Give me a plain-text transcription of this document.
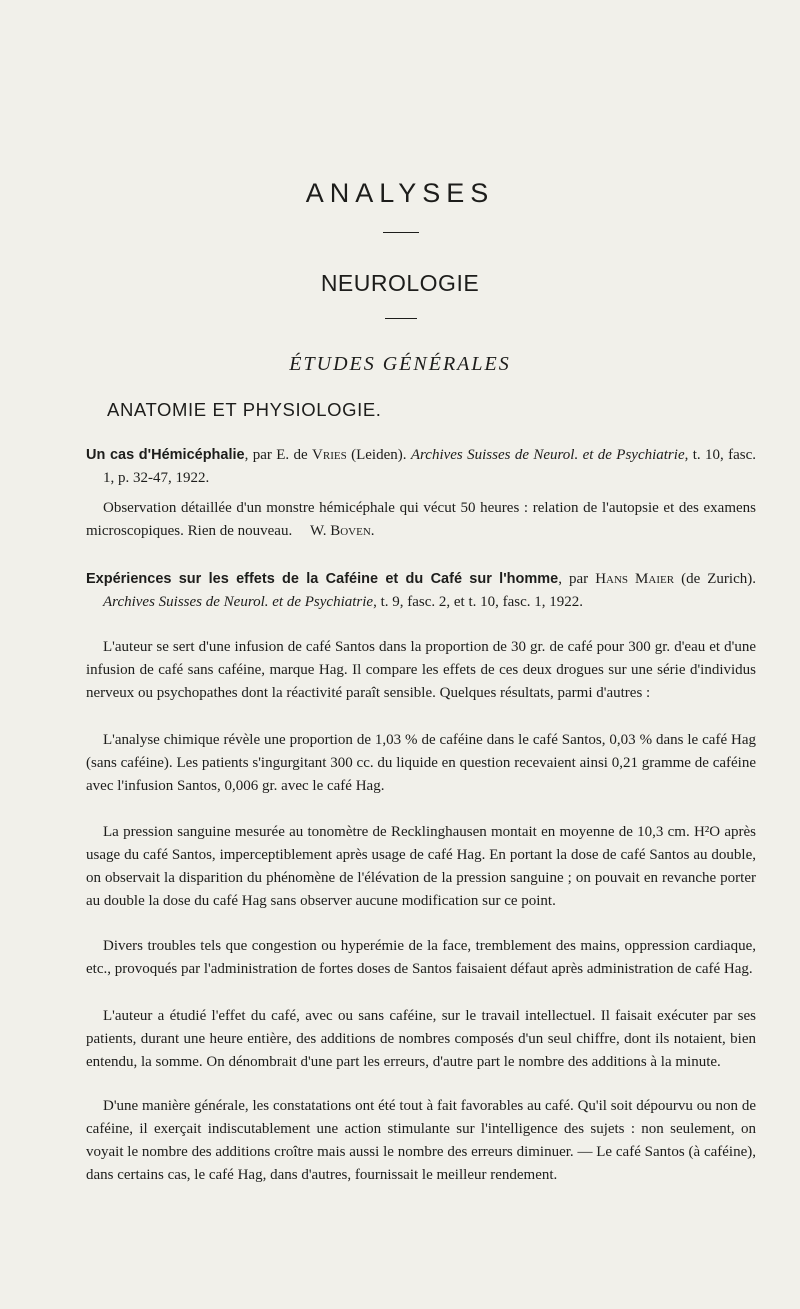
ANALYSES
NEUROLOGIE
ÉTUDES GÉNÉRALES
ANATOMIE ET PHYSIOLOGIE.

Un cas d'Hémicéphalie, par E. de Vries (Leiden). Archives Suisses de Neurol. et de Psychiatrie, t. 10, fasc. 1, p. 32-47, 1922.

Observation détaillée d'un monstre hémicéphale qui vécut 50 heures : relation de l'autopsie et des examens microscopiques. Rien de nouveau. W. Boven.

Expériences sur les effets de la Caféine et du Café sur l'homme, par Hans Maier (de Zurich). Archives Suisses de Neurol. et de Psychiatrie, t. 9, fasc. 2, et t. 10, fasc. 1, 1922.

L'auteur se sert d'une infusion de café Santos dans la proportion de 30 gr. de café pour 300 gr. d'eau et d'une infusion de café sans caféine, marque Hag. Il compare les effets de ces deux drogues sur une série d'individus nerveux ou psychopathes dont la réactivité paraît sensible. Quelques résultats, parmi d'autres :

L'analyse chimique révèle une proportion de 1,03 % de caféine dans le café Santos, 0,03 % dans le café Hag (sans caféine). Les patients s'ingurgitant 300 cc. du liquide en question recevaient ainsi 0,21 gramme de caféine avec l'infusion Santos, 0,006 gr. avec le café Hag.

La pression sanguine mesurée au tonomètre de Recklinghausen montait en moyenne de 10,3 cm. H²O après usage du café Santos, imperceptiblement après usage de café Hag. En portant la dose de café Santos au double, on observait la disparition du phénomène de l'élévation de la pression sanguine ; on pouvait en revanche porter au double la dose du café Hag sans observer aucune modification sur ce point.

Divers troubles tels que congestion ou hyperémie de la face, tremblement des mains, oppression cardiaque, etc., provoqués par l'administration de fortes doses de Santos faisaient défaut après administration de café Hag.

L'auteur a étudié l'effet du café, avec ou sans caféine, sur le travail intellectuel. Il faisait exécuter par ses patients, durant une heure entière, des additions de nombres composés d'un seul chiffre, dont ils notaient, bien entendu, la somme. On dénombrait d'une part les erreurs, d'autre part le nombre des additions à la minute.

D'une manière générale, les constatations ont été tout à fait favorables au café. Qu'il soit dépourvu ou non de caféine, il exerçait indiscutablement une action stimulante sur l'intelligence des sujets : non seulement, on voyait le nombre des additions croître mais aussi le nombre des erreurs diminuer. — Le café Santos (à caféine), dans certains cas, le café Hag, dans d'autres, fournissait le meilleur rendement.
